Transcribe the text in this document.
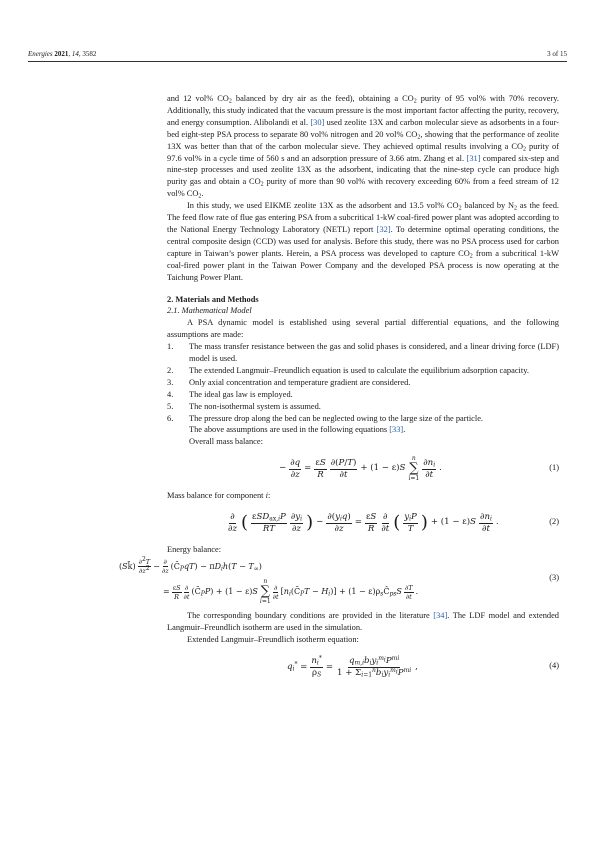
Energies 2021, 14, 3582	3 of 15

and 12 vol% $CO_2$ balanced by dry air as the feed), obtaining a $CO_2$ purity of 95 vol% with 70% recovery. Additionally, this study indicated that the vacuum pressure is the most important factor affecting the purity, recovery, and energy consumption. Alibolandi et al. [30] used zeolite 13X and carbon molecular sieve as adsorbents in a four-bed eight-step PSA process to separate 80 vol% nitrogen and 20 vol% $CO_2$, showing that the performance of zeolite 13X was better than that of the carbon molecular sieve. They achieved optimal results involving a $CO_2$ purity of 97.6 vol% in a cycle time of 560 s and an adsorption pressure of 3.66 atm. Zhang et al. [31] compared six-step and nine-step processes and used zeolite 13X as the adsorbent, indicating that the nine-step cycle can produce high purity gas and obtain a $CO_2$ purity of more than 90 vol% with recovery exceeding 60% from a feed stream of 12 vol% $CO_2$.

In this study, we used EIKME zeolite 13X as the adsorbent and 13.5 vol% $CO_2$ balanced by $N_2$ as the feed. The feed flow rate of flue gas entering PSA from a subcritical 1-kW coal-fired power plant was adopted according to the National Energy Technology Laboratory (NETL) report [32]. To determine optimal operating conditions, the central composite design (CCD) was used for analysis. Before this study, there was no PSA process used for carbon capture in Taiwan’s power plants. Herein, a PSA process was developed to capture $CO_2$ from a subcritical 1-kW coal-fired power plant in the Taiwan Power Company and the developed PSA process is now operating at the Taichung Power Plant.

2. Materials and Methods

2.1. Mathematical Model

A PSA dynamic model is established using several partial differential equations, and the following assumptions are made:

1. The mass transfer resistance between the gas and solid phases is considered, and a linear driving force (LDF) model is used.
2. The extended Langmuir–Freundlich equation is used to calculate the equilibrium adsorption capacity.
3. Only axial concentration and temperature gradient are considered.
4. The ideal gas law is employed.
5. The non-isothermal system is assumed.
6. The pressure drop along the bed can be neglected owing to the large size of the particle.

The above assumptions are used in the following equations [33].

Overall mass balance:

− $\frac{\partial q}{\partial z} = \frac{\varepsilon S}{R} \frac{\partial(P/T)}{\partial t} + (1 - \varepsilon)S$
n
∑
$i=1 \frac{\partial n_i}{\partial t}$ .	(1)

Mass balance for component i:

$\frac{\partial}{\partial z}$ ( $\frac{\varepsilon SD_{ax,i}P}{RT} \frac{\partial y_i}{\partial z}$ ) − $\frac{\partial(y_iq)}{\partial z} = \frac{\varepsilon S}{R} \frac{\partial}{\partial t}$ ( $\frac{y_iP}{T}$ ) + $(1 - \varepsilon)S \frac{\partial n_i}{\partial t}$ .	(2)

Energy balance:

(Sk̄) $\frac{\partial^2T}{\partial z^2} - \frac{\partial}{\partial z}$ $(C̄_PqT) - \pi D_ih(T - T_\infty)$
= $\frac{\varepsilon S}{R} \frac{\partial}{\partial t}$ $(C̄_PP) + (1 - \varepsilon)S$
n
∑
i=1
$\frac{\partial}{\partial t}$ $[n_i(C̄_PT - H_i)] + (1$ − $\varepsilon)\rho_sĈ_{ps}S \frac{\partial T}{\partial t}$ .
(3)

The corresponding boundary conditions are provided in the literature [34]. The LDF model and extended Langmuir–Freundlich isotherm are used in the simulation.

Extended Langmuir–Freundlich isotherm equation:

$q_i^* = \frac{n_i^*}{\rho_S} = \frac{q_{m,i}b_iy_i^{m_i}P^{mi}}{1 + \Sigma_{i=1}^nb_iy_i^{m_i}P^{mi}}$ ,	(4)
